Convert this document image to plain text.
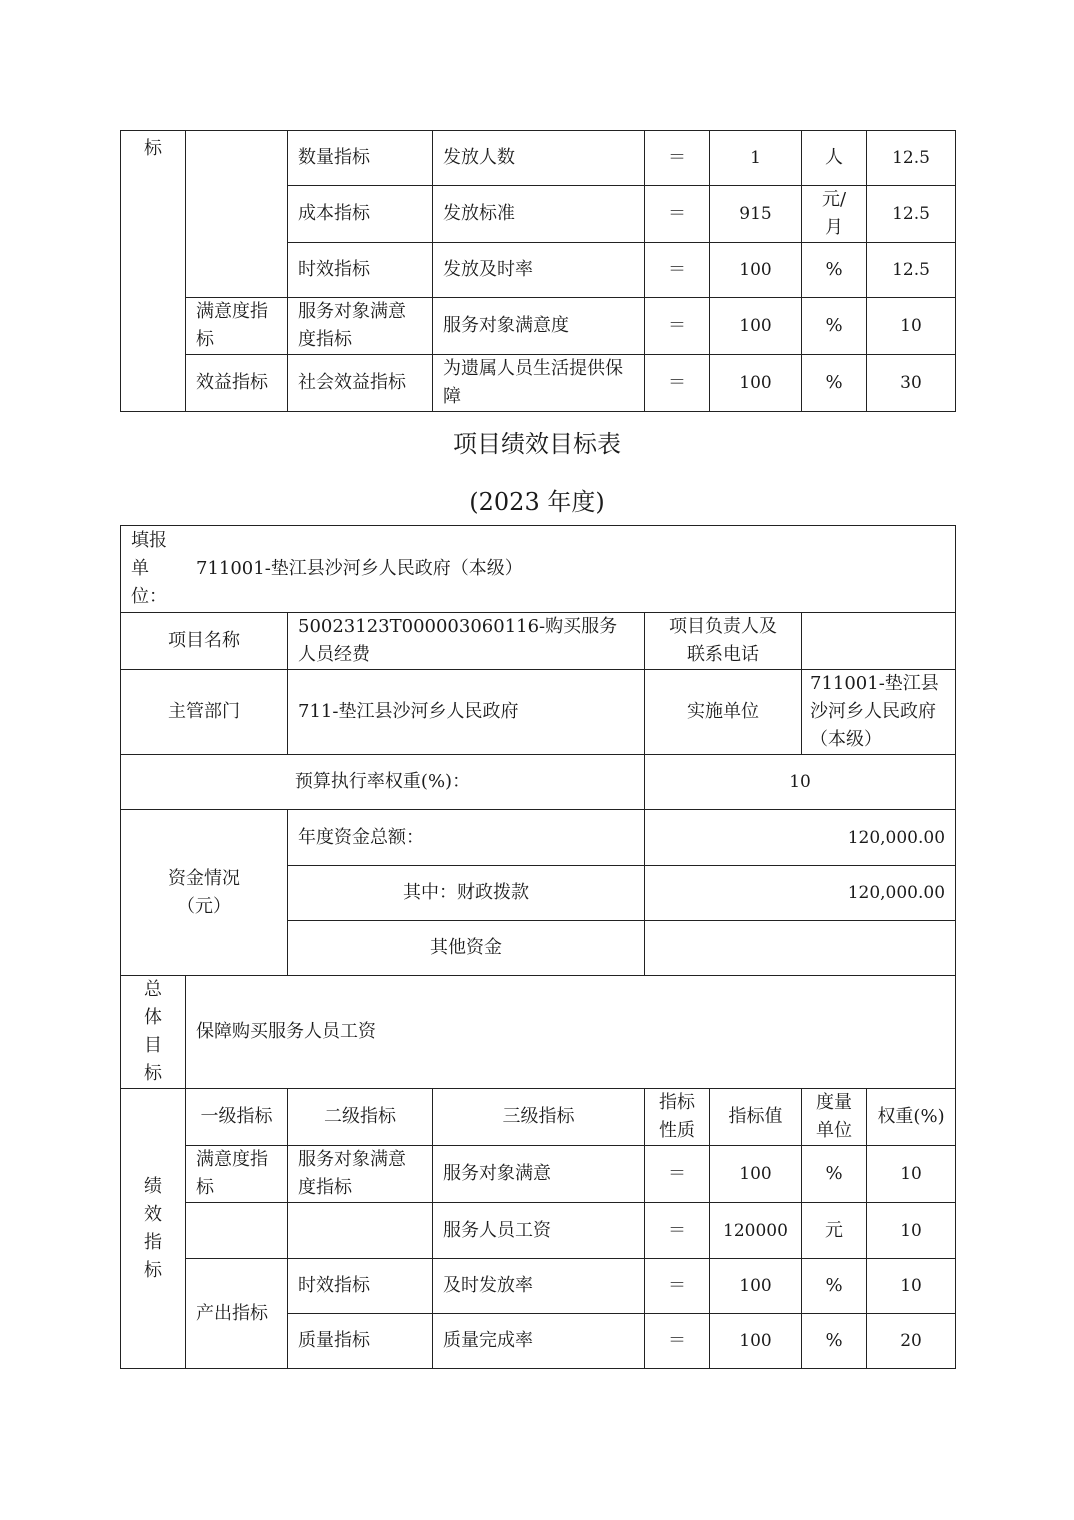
标		数量指标	发放人数	＝	1	人	12.5
		成本指标	发放标准	＝	915	元/月	12.5
		时效指标	发放及时率	＝	100	%	12.5
	满意度指标	服务对象满意度指标	服务对象满意度	＝	100	%	10
	效益指标	社会效益指标	为遗属人员生活提供保障	＝	100	%	30
项目绩效目标表
(2023 年度)
填报单位：
711001-垫江县沙河乡人民政府（本级）							

项目名称		50023123T000003060116-购买服务人员经费		项目负责人及联系电话			
主管部门		711-垫江县沙河乡人民政府		实施单位		711001-垫江县沙河乡人民政府（本级）	
预算执行率权重(%)：				10			
资金情况（元）		年度资金总额：		120,000.00			
		其中：财政拨款		120,000.00			
		其他资金					
总体目标	保障购买服务人员工资						
绩效指标	一级指标	二级指标	三级指标	指标性质	指标值	度量单位	权重(%)
	满意度指标	服务对象满意度指标	服务对象满意	＝	100	%	10
			服务人员工资	＝	120000	元	10
	产出指标	时效指标	及时发放率	＝	100	%	10
		质量指标	质量完成率	＝	100	%	20
